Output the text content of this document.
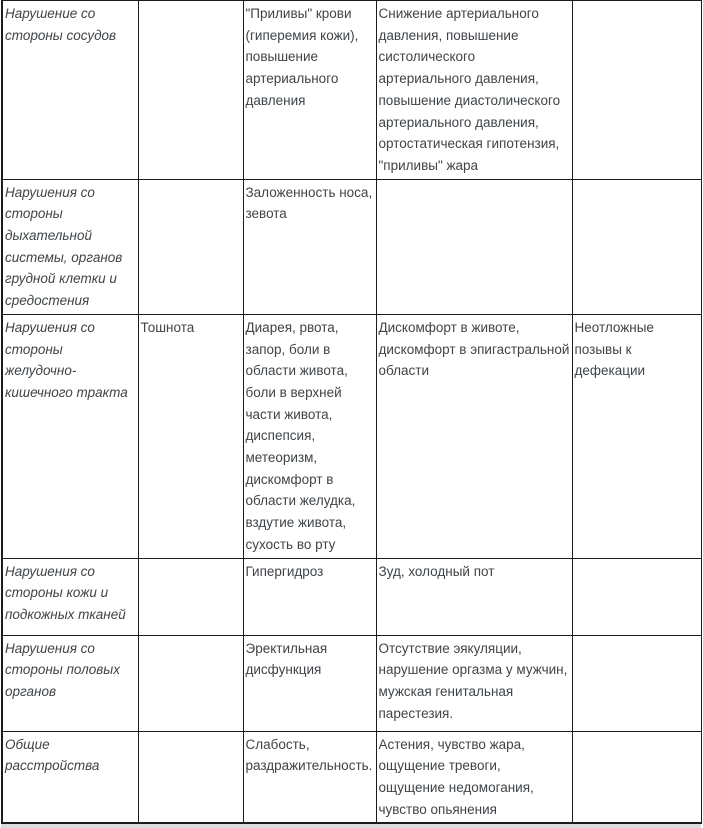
Нарушение со стороны сосудов		"Приливы" крови (гиперемия кожи), повышение артериального давления	Снижение артериального давления, повышение систолического артериального давления, повышение диастолического артериального давления, ортостатическая гипотензия, "приливы" жара	
Нарушения со стороны дыхательной системы, органов грудной клетки и средостения		Заложенность носа, зевота		
Нарушения со стороны желудочно-кишечного тракта	Тошнота	Диарея, рвота, запор, боли в области живота, боли в верхней части живота, диспепсия, метеоризм, дискомфорт в области желудка, вздутие живота, сухость во рту	Дискомфорт в животе, дискомфорт в эпигастральной области	Неотложные позывы к дефекации
Нарушения со стороны кожи и подкожных тканей		Гипергидроз	Зуд, холодный пот	
Нарушения со стороны половых органов		Эректильная дисфункция	Отсутствие эякуляции, нарушение оргазма у мужчин, мужская генитальная парестезия.	
Общие расстройства		Слабость, раздражительность.	Астения, чувство жара, ощущение тревоги, ощущение недомогания, чувство опьянения	
